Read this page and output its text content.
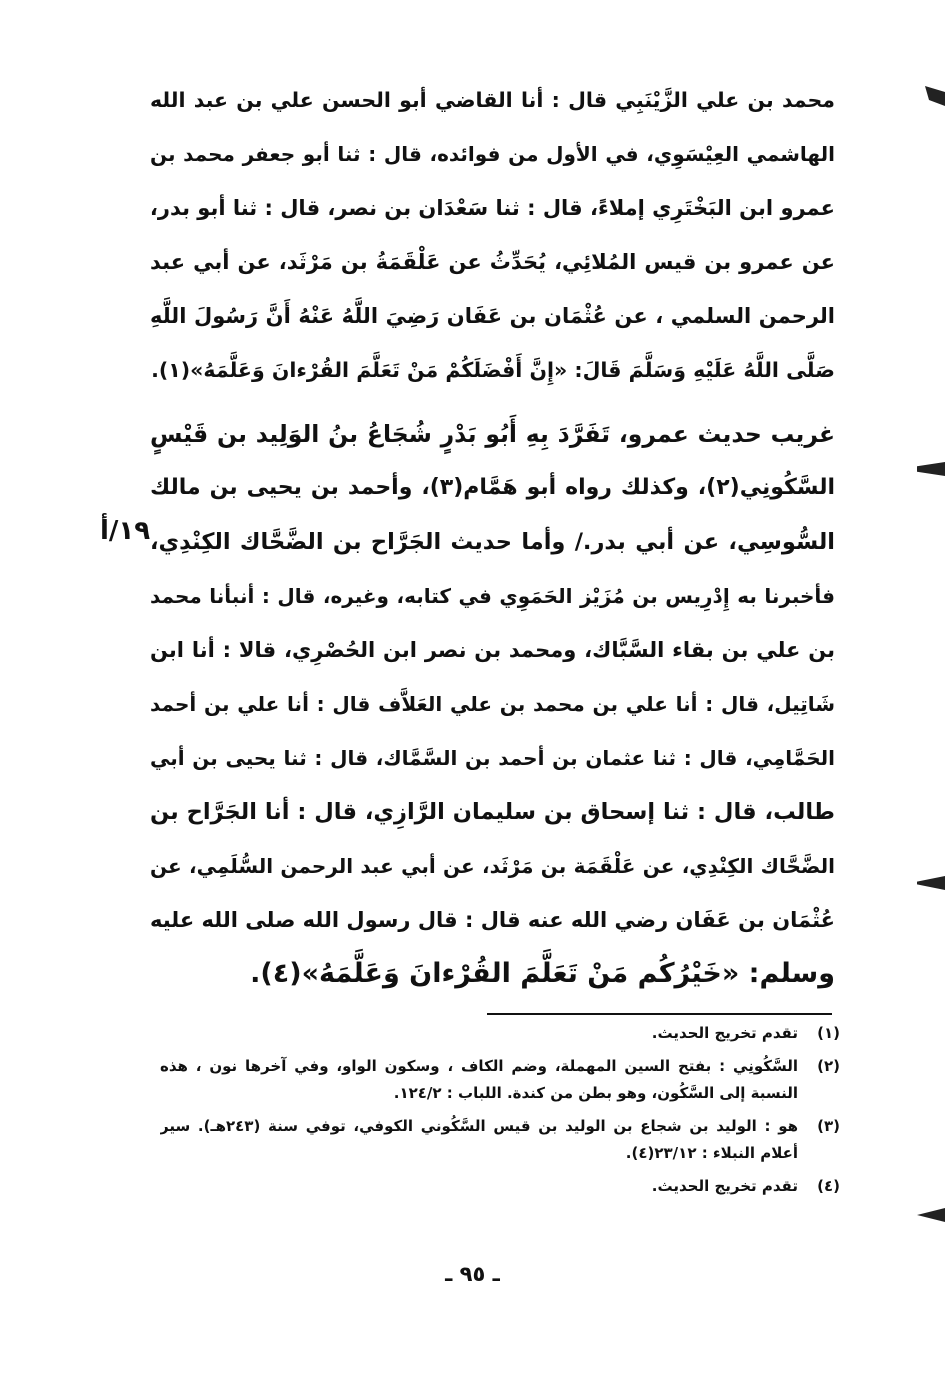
محمد بن علي الزَّيْنَبِي قال : أنا القاضي أبو الحسن علي بن عبد الله
الهاشمي العِيْسَوِي، في الأول من فوائده، قال : ثنا أبو جعفر محمد بن
عمرو ابن البَخْتَرِي إملاءً، قال : ثنا سَعْدَان بن نصر، قال : ثنا أبو بدر،
عن عمرو بن قيس المُلائِي، يُحَدِّثُ عن عَلْقَمَةُ بن مَرْثَد، عن أبي عبد
الرحمن السلمي ، عن عُثْمَان بن عَفَان رَضِيَ اللَّهُ عَنْهُ أَنَّ رَسُولَ اللَّهِ
صَلَّى اللَّهُ عَلَيْهِ وَسَلَّمَ قَالَ: «إِنَّ أَفْضَلَكُمْ مَنْ تَعَلَّمَ القُرْءانَ وَعَلَّمَهُ»(١).
غريب حديث عمرو، تَفَرَّدَ بِهِ أَبُو بَدْرٍ شُجَاعُ بنُ الوَلِيد بن قَيْسٍ
السَّكُونِي(٢)، وكذلك رواه أبو هَمَّام(٣)، وأحمد بن يحيى بن مالك
السُّوسِي، عن أبي بدر./ وأما حديث الجَرَّاح بن الضَّحَّاك الكِنْدِي،
فأخبرنا به إِدْرِيس بن مُزَيْز الحَمَوِي في كتابه، وغيره، قال : أنبأنا محمد
بن علي بن بقاء السَّبَّاك، ومحمد بن نصر ابن الحُصْرِي، قالا : أنا ابن
شَاتِيل، قال : أنا علي بن محمد بن علي العَلاَّف قال : أنا علي بن أحمد
الحَمَّامِي، قال : ثنا عثمان بن أحمد بن السَّمَّاك، قال : ثنا يحيى بن أبي
طالب، قال : ثنا إسحاق بن سليمان الرَّازِي، قال : أنا الجَرَّاح بن
الضَّحَّاك الكِنْدِي، عن عَلْقَمَة بن مَرْثَد، عن أبي عبد الرحمن السُّلَمِي، عن
عُثْمَان بن عَفَان رضي الله عنه قال : قال رسول الله صلى الله عليه
وسلم: «خَيْرُكُم مَنْ تَعَلَّمَ القُرْءانَ وَعَلَّمَهُ»(٤).
١٩/أ
(١)
تقدم تخريج الحديث.
(٢)
السَّكُونِي : بفتح السين المهملة، وضم الكاف ، وسكون الواو، وفي آخرها نون ، هذه
النسبة إلى السَّكُون، وهو بطن من كندة. اللباب : ١٢٤/٢.
(٣)
هو : الوليد بن شجاع بن الوليد بن قيس السَّكُوني الكوفي، توفي سنة (٢٤٣هـ). سير
أعلام النبلاء : ٢٣/١٢(٤).
(٤)
تقدم تخريج الحديث.
ـ ٩٥ ـ
